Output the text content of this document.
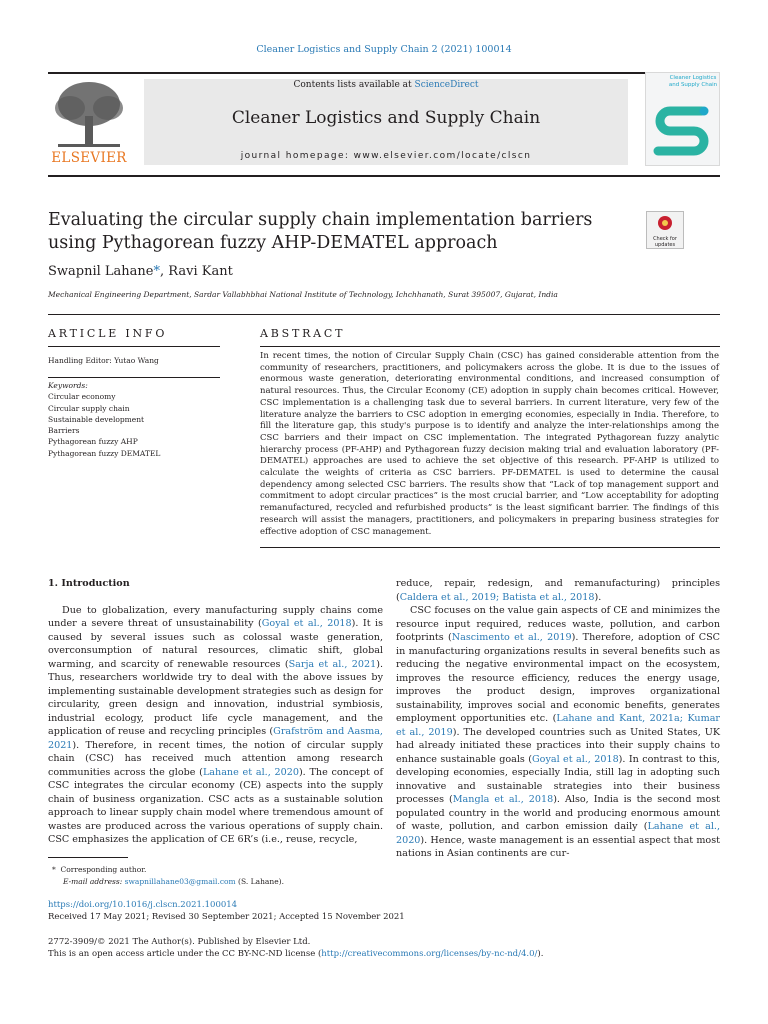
Cleaner Logistics and Supply Chain 2 (2021) 100014
ELSEVIER
Contents lists available at ScienceDirect
Cleaner Logistics and Supply Chain
journal homepage: www.elsevier.com/locate/clscn
Cleaner Logistics and Supply Chain
Evaluating the circular supply chain implementation barriers using Pythagorean fuzzy AHP-DEMATEL approach	Check for updates
Swapnil Lahane*, Ravi Kant
Mechanical Engineering Department, Sardar Vallabhbhai National Institute of Technology, Ichchhanath, Surat 395007, Gujarat, India
ARTICLE INFO
Handling Editor: Yutao Wang
Keywords:
Circular economy
Circular supply chain
Sustainable development
Barriers
Pythagorean fuzzy AHP
Pythagorean fuzzy DEMATEL
ABSTRACT
In recent times, the notion of Circular Supply Chain (CSC) has gained considerable attention from the community of researchers, practitioners, and policymakers across the globe. It is due to the issues of enormous waste generation, deteriorating environmental conditions, and increased consumption of natural resources. Thus, the Circular Economy (CE) adoption in supply chain becomes critical. However, CSC implementation is a challenging task due to several barriers. In current literature, very few of the literature analyze the barriers to CSC adoption in emerging economies, especially in India. Therefore, to fill the literature gap, this study's purpose is to identify and analyze the inter-relationships among the CSC barriers and their impact on CSC implementation. The integrated Pythagorean fuzzy analytic hierarchy process (PF-AHP) and Pythagorean fuzzy decision making trial and evaluation laboratory (PF-DEMATEL) approaches are used to achieve the set objective of this research. PF-AHP is utilized to calculate the weights of criteria as CSC barriers. PF-DEMATEL is used to determine the causal dependency among selected CSC barriers. The results show that “Lack of top management support and commitment to adopt circular practices” is the most crucial barrier, and “Low acceptability for adopting remanufactured, recycled and refurbished products” is the least significant barrier. The findings of this research will assist the managers, practitioners, and policymakers in preparing business strategies for effective adoption of CSC management.

1. Introduction

Due to globalization, every manufacturing supply chains come under a severe threat of unsustainability (Goyal et al., 2018). It is caused by several issues such as colossal waste generation, overconsumption of natural resources, climatic shift, global warming, and scarcity of renewable resources (Sarja et al., 2021). Thus, researchers worldwide try to deal with the above issues by implementing sustainable development strategies such as design for circularity, green design and innovation, industrial symbiosis, industrial ecology, product life cycle management, and the application of reuse and recycling principles (Grafström and Aasma, 2021). Therefore, in recent times, the notion of circular supply chain (CSC) has received much attention among research communities across the globe (Lahane et al., 2020). The concept of CSC integrates the circular economy (CE) aspects into the supply chain of business organization. CSC acts as a sustainable solution approach to linear supply chain model where tremendous amount of wastes are produced across the various operations of supply chain. CSC emphasizes the application of CE 6R’s (i.e., reuse, recycle,

reduce, repair, redesign, and remanufacturing) principles (Caldera et al., 2019; Batista et al., 2018).

CSC focuses on the value gain aspects of CE and minimizes the resource input required, reduces waste, pollution, and carbon footprints (Nascimento et al., 2019). Therefore, adoption of CSC in manufacturing organizations results in several benefits such as reducing the negative environmental impact on the ecosystem, improves the resource efficiency, reduces the energy usage, improves the product design, improves organizational sustainability, improves social and economic benefits, generates employment opportunities etc. (Lahane and Kant, 2021a; Kumar et al., 2019). The developed countries such as United States, UK had already initiated these practices into their supply chains to enhance sustainable goals (Goyal et al., 2018). In contrast to this, developing economies, especially India, still lag in adopting such innovative and sustainable strategies into their business processes (Mangla et al., 2018). Also, India is the second most populated country in the world and producing enormous amount of waste, pollution, and carbon emission daily (Lahane et al., 2020). Hence, waste management is an essential aspect that most nations in Asian continents are cur-

* Corresponding author.
E-mail address: swapnillahane03@gmail.com (S. Lahane).
https://doi.org/10.1016/j.clscn.2021.100014
Received 17 May 2021; Revised 30 September 2021; Accepted 15 November 2021
2772-3909/© 2021 The Author(s). Published by Elsevier Ltd.
This is an open access article under the CC BY-NC-ND license (http://creativecommons.org/licenses/by-nc-nd/4.0/).
